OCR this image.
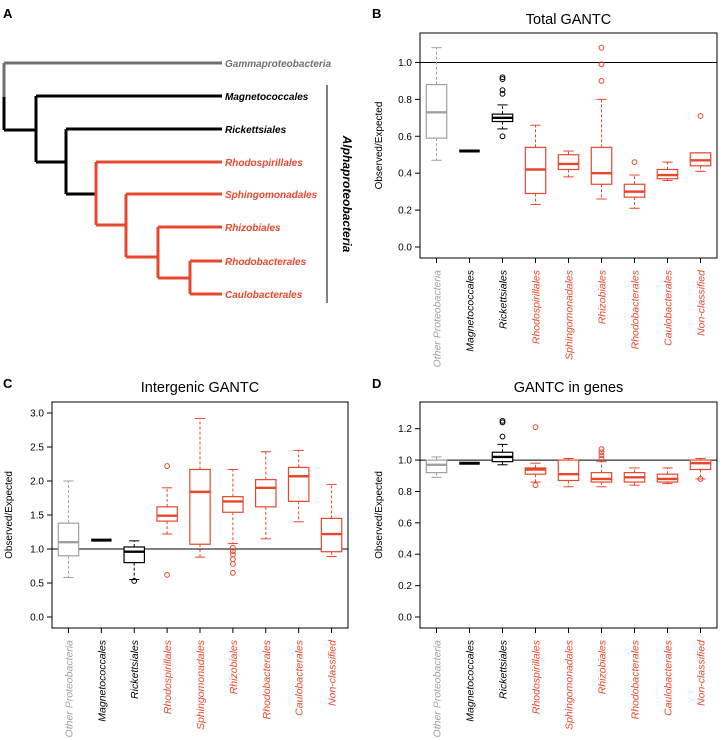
A	B
C	D
Gammaproteobacteria
Magnetococcales
Rickettsiales
Rhodospirillales
Sphingomonadales
Rhizobiales
Rhodobacterales
Caulobacterales
Alphaproteobacteria
Total GANTC
Observed/Expected
0.0
0.2
0.4
0.6
0.8
1.0
Other Proteobacteria Magnetococcales Rickettsiales Rhodospirillales Sphingomonadales Rhizobiales Rhodobacterales Caulobacterales Non-classified
Intergenic GANTC
Observed/Expected
0.0
0.5
1.0
1.5
2.0
2.5
3.0
Other Proteobacteria Magnetococcales Rickettsiales Rhodospirillales Sphingomonadales Rhizobiales Rhodobacterales Caulobacterales Non-classified
GANTC in genes
Observed/Expected
0.0
0.2
0.4
0.6
0.8
1.0
1.2
Other Proteobacteria Magnetococcales Rickettsiales Rhodospirillales Sphingomonadales Rhizobiales Rhodobacterales Caulobacterales Non-classified
